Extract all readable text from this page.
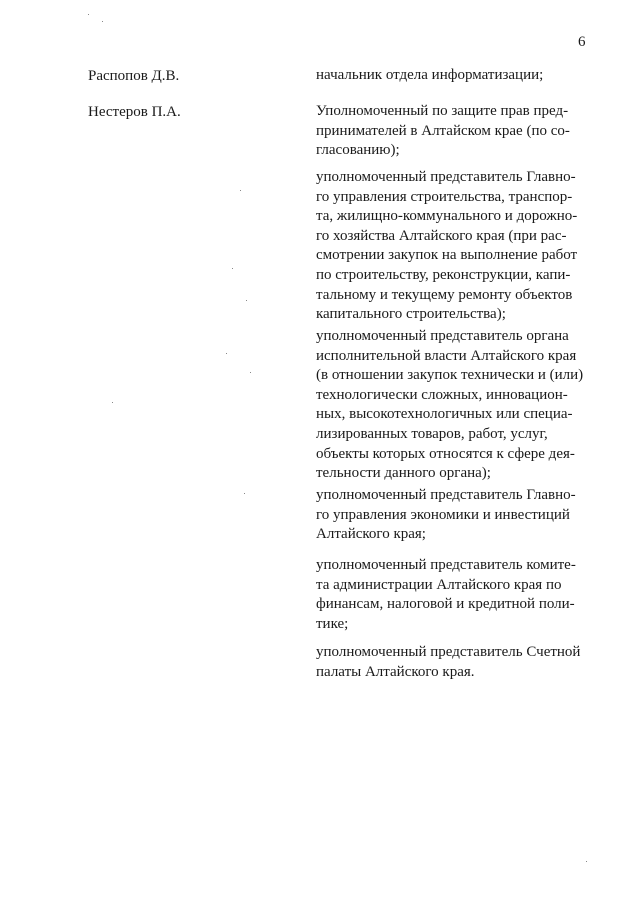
6
Распопов Д.В.	начальник отдела информатизации;
Нестеров П.А.	Уполномоченный по защите прав пред-
принимателей в Алтайском крае (по со-
гласованию);
уполномоченный представитель Главно-
го управления строительства, транспор-
та, жилищно-коммунального и дорожно-
го хозяйства Алтайского края (при рас-
смотрении закупок на выполнение работ
по строительству, реконструкции, капи-
тальному и текущему ремонту объектов
капитального строительства);
уполномоченный представитель органа
исполнительной власти Алтайского края
(в отношении закупок технически и (или)
технологически сложных, инновацион-
ных, высокотехнологичных или специа-
лизированных товаров, работ, услуг,
объекты которых относятся к сфере дея-
тельности данного органа);
уполномоченный представитель Главно-
го управления экономики и инвестиций
Алтайского края;
уполномоченный представитель комите-
та администрации Алтайского края по
финансам, налоговой и кредитной поли-
тике;
уполномоченный представитель Счетной
палаты Алтайского края.
